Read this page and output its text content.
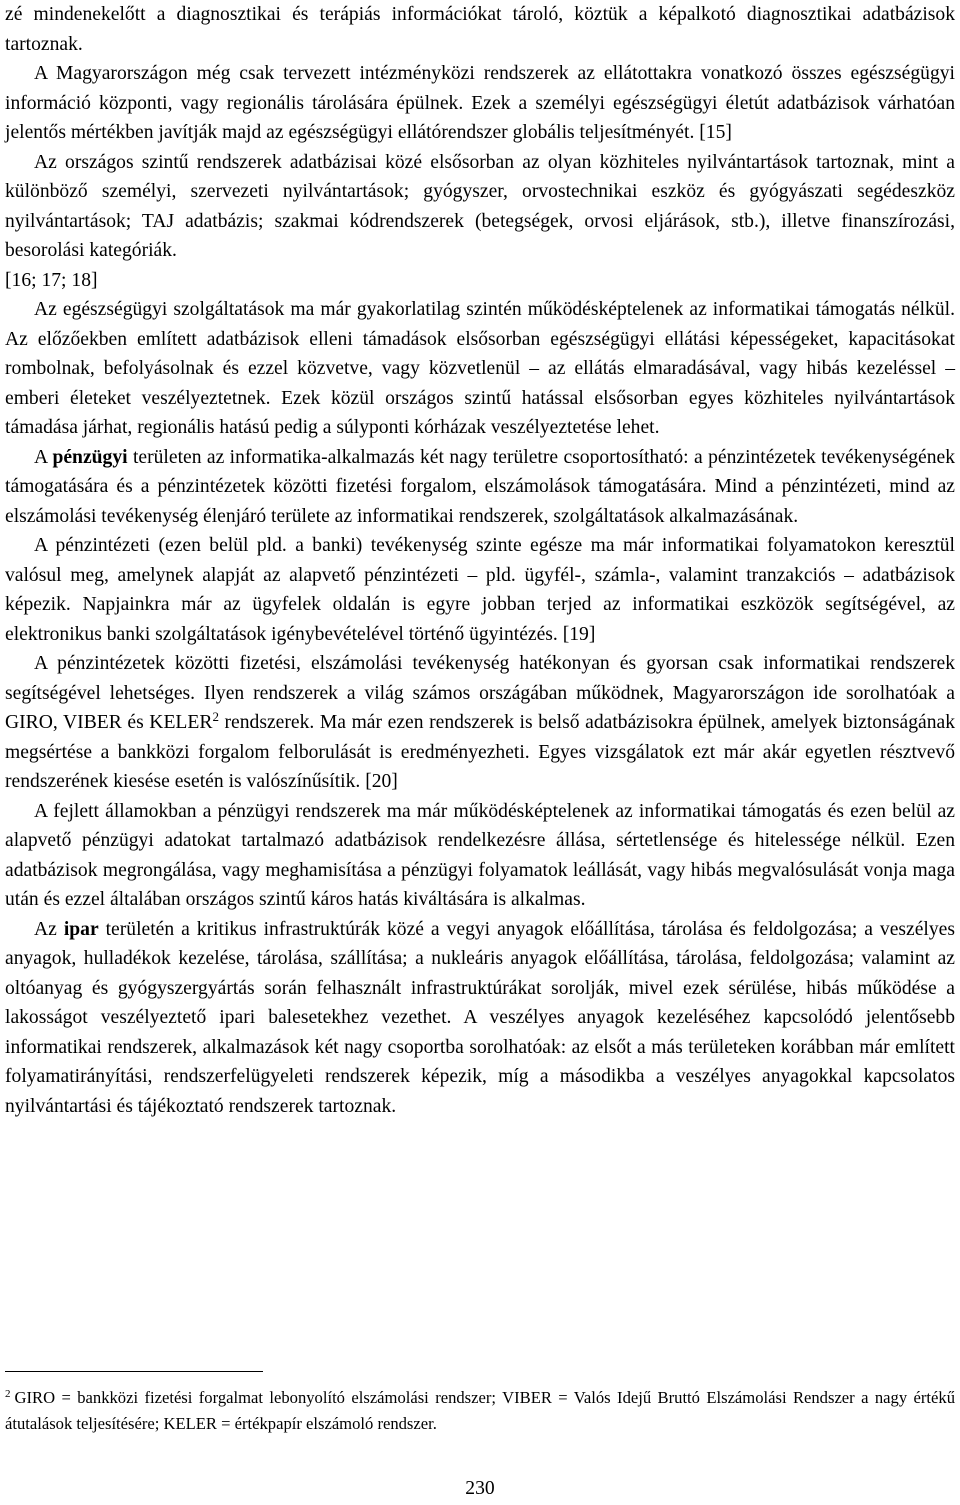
zé mindenekelőtt a diagnosztikai és terápiás információkat tároló, köztük a képalkotó diagnosztikai adatbázisok tartoznak.

A Magyarországon még csak tervezett intézményközi rendszerek az ellátottakra vonatkozó összes egészségügyi információ központi, vagy regionális tárolására épülnek. Ezek a személyi egészségügyi életút adatbázisok várhatóan jelentős mértékben javítják majd az egészségügyi ellátórendszer globális teljesítményét. [15]

Az országos szintű rendszerek adatbázisai közé elsősorban az olyan közhiteles nyilvántartások tartoznak, mint a különböző személyi, szervezeti nyilvántartások; gyógyszer, orvostechnikai eszköz és gyógyászati segédeszköz nyilvántartások; TAJ adatbázis; szakmai kódrendszerek (betegségek, orvosi eljárások, stb.), illetve finanszírozási, besorolási kategóriák.

[16; 17; 18]

Az egészségügyi szolgáltatások ma már gyakorlatilag szintén működésképtelenek az informatikai támogatás nélkül. Az előzőekben említett adatbázisok elleni támadások elsősorban egészségügyi ellátási képességeket, kapacitásokat rombolnak, befolyásolnak és ezzel közvetve, vagy közvetlenül – az ellátás elmaradásával, vagy hibás kezeléssel – emberi életeket veszélyeztetnek. Ezek közül országos szintű hatással elsősorban egyes közhiteles nyilvántartások támadása járhat, regionális hatású pedig a súlyponti kórházak veszélyeztetése lehet.

A pénzügyi területen az informatika-alkalmazás két nagy területre csoportosítható: a pénzintézetek tevékenységének támogatására és a pénzintézetek közötti fizetési forgalom, elszámolások támogatására. Mind a pénzintézeti, mind az elszámolási tevékenység élenjáró területe az informatikai rendszerek, szolgáltatások alkalmazásának.

A pénzintézeti (ezen belül pld. a banki) tevékenység szinte egésze ma már informatikai folyamatokon keresztül valósul meg, amelynek alapját az alapvető pénzintézeti – pld. ügyfél-, számla-, valamint tranzakciós – adatbázisok képezik. Napjainkra már az ügyfelek oldalán is egyre jobban terjed az informatikai eszközök segítségével, az elektronikus banki szolgáltatások igénybevételével történő ügyintézés. [19]

A pénzintézetek közötti fizetési, elszámolási tevékenység hatékonyan és gyorsan csak informatikai rendszerek segítségével lehetséges. Ilyen rendszerek a világ számos országában működnek, Magyarországon ide sorolhatóak a GIRO, VIBER és KELER$^2$ rendszerek. Ma már ezen rendszerek is belső adatbázisokra épülnek, amelyek biztonságának megsértése a bankközi forgalom felborulását is eredményezheti. Egyes vizsgálatok ezt már akár egyetlen résztvevő rendszerének kiesése esetén is valószínűsítik. [20]

A fejlett államokban a pénzügyi rendszerek ma már működésképtelenek az informatikai támogatás és ezen belül az alapvető pénzügyi adatokat tartalmazó adatbázisok rendelkezésre állása, sértetlensége és hitelessége nélkül. Ezen adatbázisok megrongálása, vagy meghamisítása a pénzügyi folyamatok leállását, vagy hibás megvalósulását vonja maga után és ezzel általában országos szintű káros hatás kiváltására is alkalmas.

Az ipar területén a kritikus infrastruktúrák közé a vegyi anyagok előállítása, tárolása és feldolgozása; a veszélyes anyagok, hulladékok kezelése, tárolása, szállítása; a nukleáris anyagok előállítása, tárolása, feldolgozása; valamint az oltóanyag és gyógyszergyártás során felhasznált infrastruktúrákat sorolják, mivel ezek sérülése, hibás működése a lakosságot veszélyeztető ipari balesetekhez vezethet. A veszélyes anyagok kezeléséhez kapcsolódó jelentősebb informatikai rendszerek, alkalmazások két nagy csoportba sorolhatóak: az elsőt a más területeken korábban már említett folyamatirányítási, rendszerfelügyeleti rendszerek képezik, míg a másodikba a veszélyes anyagokkal kapcsolatos nyilvántartási és tájékoztató rendszerek tartoznak.

$^2$ GIRO = bankközi fizetési forgalmat lebonyolító elszámolási rendszer; VIBER = Valós Idejű Bruttó Elszámolási Rendszer a nagy értékű átutalások teljesítésére; KELER = értékpapír elszámoló rendszer.
230
